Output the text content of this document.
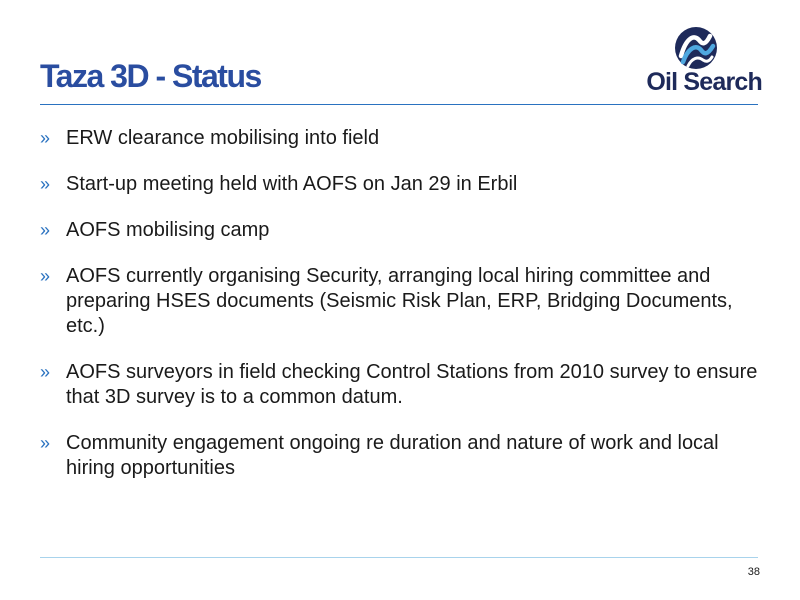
Taza 3D - Status	Oil Search
» ERW clearance mobilising into field
» Start-up meeting held with AOFS on Jan 29 in Erbil
» AOFS mobilising camp
» AOFS currently organising Security, arranging local hiring committee and preparing HSES documents (Seismic Risk Plan, ERP, Bridging Documents, etc.)
» AOFS surveyors in field checking Control Stations from 2010 survey to ensure that 3D survey is to a common datum.
» Community engagement ongoing re duration and nature of work and local hiring opportunities
38
